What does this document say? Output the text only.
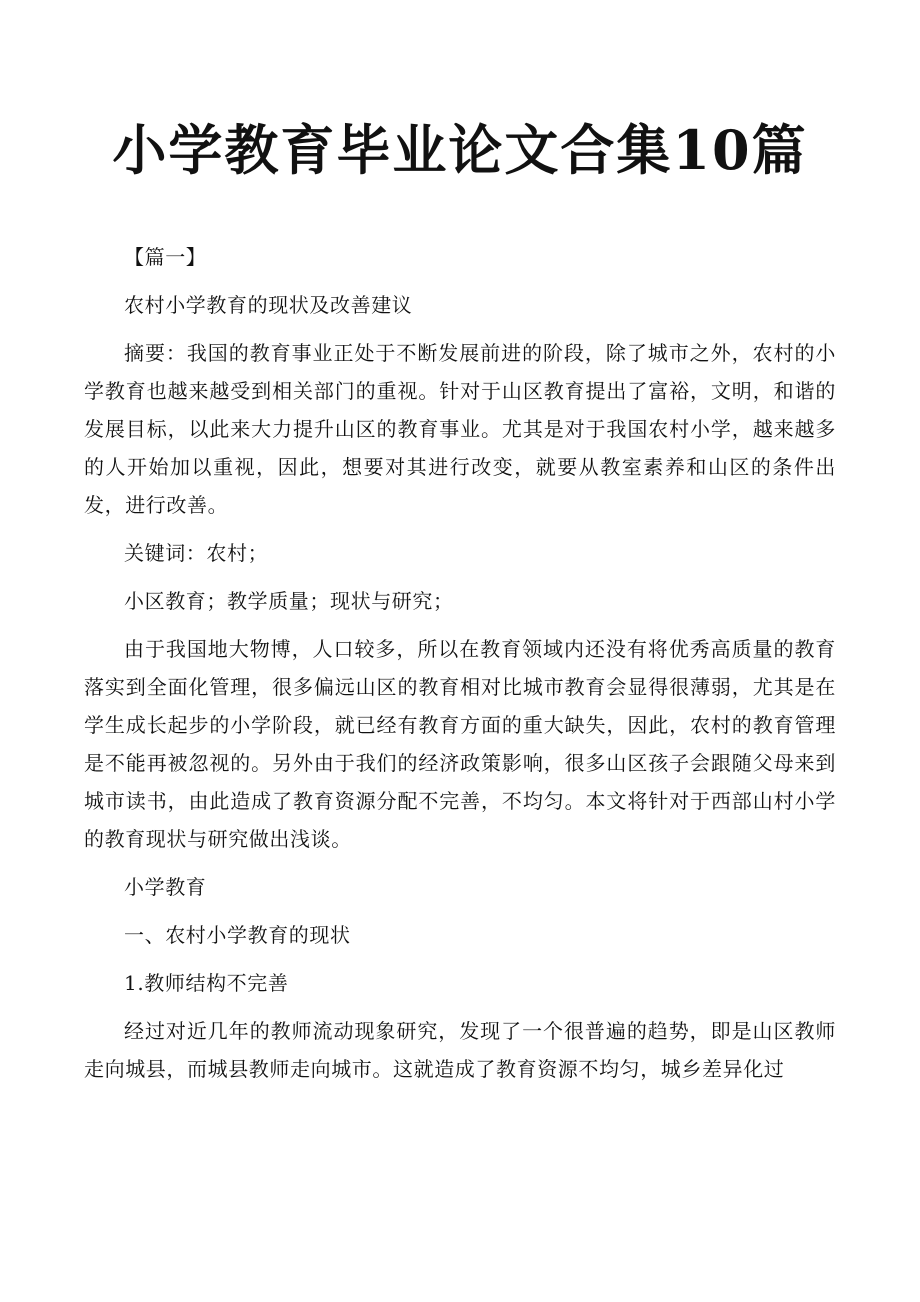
小学教育毕业论文合集10篇

【篇一】

农村小学教育的现状及改善建议

摘要：我国的教育事业正处于不断发展前进的阶段，除了城市之外，农村的小学教育也越来越受到相关部门的重视。针对于山区教育提出了富裕，文明，和谐的发展目标，以此来大力提升山区的教育事业。尤其是对于我国农村小学，越来越多的人开始加以重视，因此，想要对其进行改变，就要从教室素养和山区的条件出发，进行改善。

关键词：农村；

小区教育；教学质量；现状与研究；

由于我国地大物博，人口较多，所以在教育领域内还没有将优秀高质量的教育落实到全面化管理，很多偏远山区的教育相对比城市教育会显得很薄弱，尤其是在学生成长起步的小学阶段，就已经有教育方面的重大缺失，因此，农村的教育管理是不能再被忽视的。另外由于我们的经济政策影响，很多山区孩子会跟随父母来到城市读书，由此造成了教育资源分配不完善，不均匀。本文将针对于西部山村小学的教育现状与研究做出浅谈。

小学教育

一、农村小学教育的现状

1.教师结构不完善

经过对近几年的教师流动现象研究，发现了一个很普遍的趋势，即是山区教师走向城县，而城县教师走向城市。这就造成了教育资源不均匀，城乡差异化过
